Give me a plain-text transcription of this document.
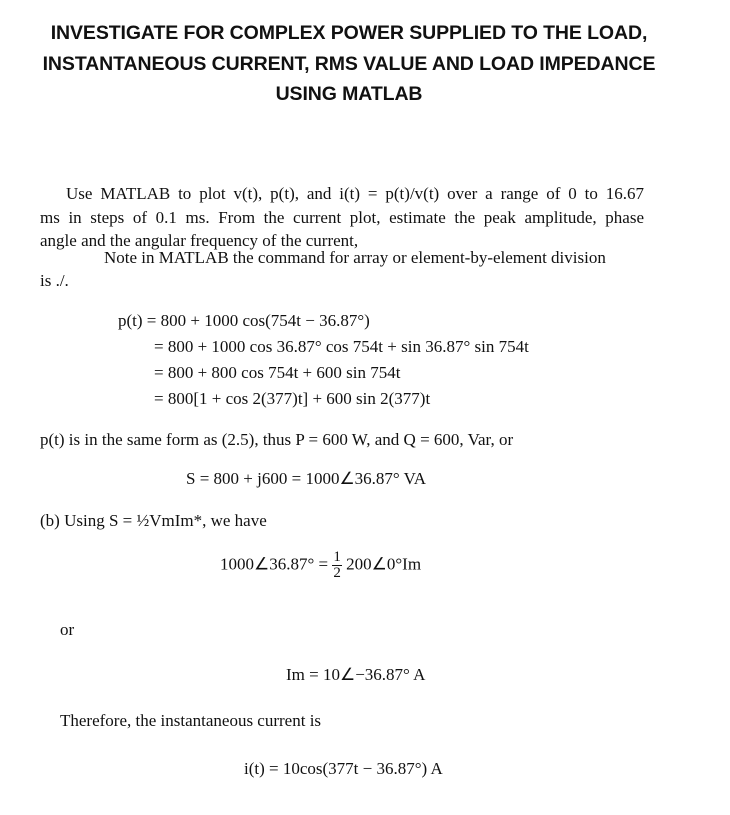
INVESTIGATE FOR COMPLEX POWER SUPPLIED TO THE LOAD,
INSTANTANEOUS CURRENT, RMS VALUE AND LOAD IMPEDANCE
USING MATLAB
Use MATLAB to plot v(t), p(t), and i(t) = p(t)/v(t) over a range of 0 to 16.67
ms in steps of 0.1 ms. From the current plot, estimate the peak amplitude, phase
angle and the angular frequency of the current,
Note in MATLAB the command for array or element-by-element division
is ./.
p(t) = 800 + 1000 cos(754t − 36.87°)
= 800 + 1000 cos 36.87° cos 754t + sin 36.87° sin 754t
= 800 + 800 cos 754t + 600 sin 754t
= 800[1 + cos 2(377)t] + 600 sin 2(377)t
p(t) is in the same form as (2.5), thus P = 600 W, and Q = 600, Var, or
S = 800 + j600 = 1000∠36.87° VA
(b) Using S = ½VmIm*, we have
1000∠36.87° = $\frac{1}{2}$ 200∠0°Im
or
Im = 10∠−36.87° A
Therefore, the instantaneous current is
i(t) = 10cos(377t − 36.87°) A
